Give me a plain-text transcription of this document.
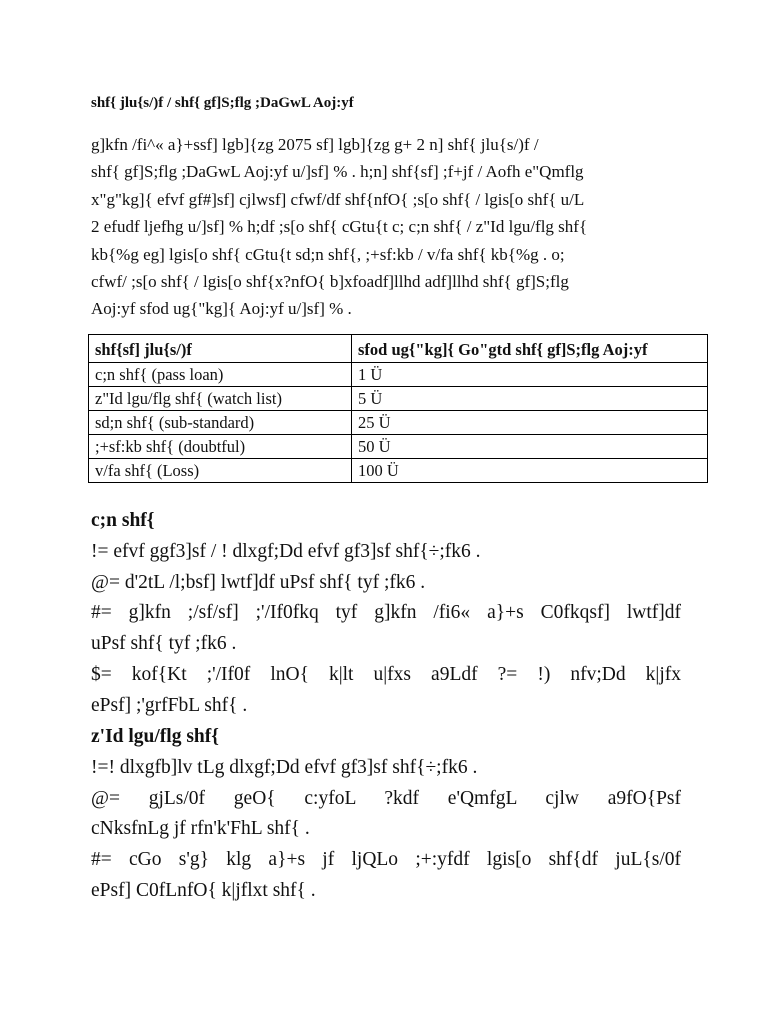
shf{ jlu{s/)f / shf{ gf]S;flg ;DaGwL Aoj:yf

g]kfn /fi^« a}+ssf] lgb]{zg 2075 sf] lgb]{zg g+ 2 n] shf{ jlu{s/)f /
shf{ gf]S;flg ;DaGwL Aoj:yf u/]sf] % . h;n] shf{sf] ;f+jf / Aofh e"Qmflg
x"g"kg]{ efvf gf#]sf] cjlwsf] cfwf/df shf{nfO{ ;s[o shf{ / lgis[o shf{ u/L
2 efudf ljefhg u/]sf] % h;df ;s[o shf{ cGtu{t c; c;n shf{ / z"Id lgu/flg shf{
kb{%g eg] lgis[o shf{ cGtu{t sd;n shf{, ;+sf:kb / v/fa shf{ kb{%g . o;
cfwf/ ;s[o shf{ / lgis[o shf{x?nfO{ b]xfoadf]llhd adf]llhd shf{ gf]S;flg
Aoj:yf sfod ug{"kg]{ Aoj:yf u/]sf] % .

shf{sf] jlu{s/)f	sfod ug{"kg]{ Go"gtd shf{ gf]S;flg Aoj:yf
c;n shf{ (pass loan)	1 Ü
z"Id lgu/flg shf{ (watch list)	5 Ü
sd;n shf{ (sub-standard)	25 Ü
;+sf:kb shf{ (doubtful)	50 Ü
v/fa shf{ (Loss)	100 Ü
c;n shf{
!= efvf ggf3]sf / ! dlxgf;Dd efvf gf3]sf shf{÷;fk6 .
@= d'2tL /l;bsf] lwtf]df uPsf shf{ tyf ;fk6 .
#= g]kfn ;/sf/sf] ;'/If0fkq tyf g]kfn /fi6« a}+s C0fkqsf] lwtf]df
uPsf shf{ tyf ;fk6 .
$= kof{Kt ;'/If0f lnO{ k|lt u|fxs a9Ldf ?= !) nfv;Dd k|jfx
ePsf] ;'grfFbL shf{ .
z'Id lgu/flg shf{
!=! dlxgfb]lv tLg dlxgf;Dd efvf gf3]sf shf{÷;fk6 .
@= gjLs/0f geO{ c:yfoL ?kdf e'QmfgL cjlw a9fO{Psf
cNksfnLg jf rfn'k'FhL shf{ .
#= cGo s'g} klg a}+s jf ljQLo ;+:yfdf lgis[o shf{df juL{s/0f
ePsf] C0fLnfO{ k|jflxt shf{ .
